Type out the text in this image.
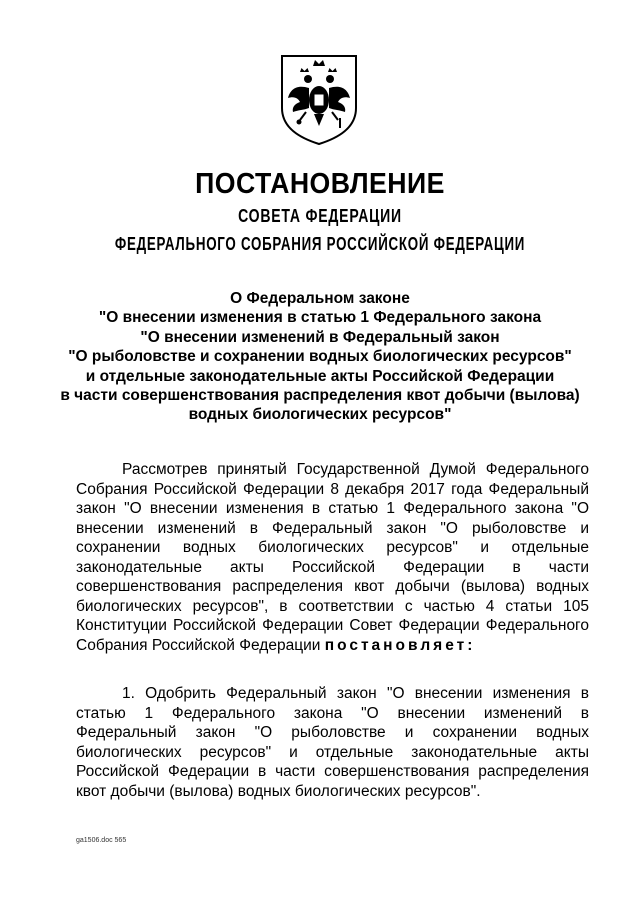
ПОСТАНОВЛЕНИЕ
СОВЕТА ФЕДЕРАЦИИ
ФЕДЕРАЛЬНОГО СОБРАНИЯ РОССИЙСКОЙ ФЕДЕРАЦИИ
О Федеральном законе
"О внесении изменения в статью 1 Федерального закона
"О внесении изменений в Федеральный закон
"О рыболовстве и сохранении водных биологических ресурсов"
и отдельные законодательные акты Российской Федерации
в части совершенствования распределения квот добычи (вылова)
водных биологических ресурсов"
Рассмотрев принятый Государственной Думой Федерального Собрания Российской Федерации 8 декабря 2017 года Федеральный закон "О внесении изменения в статью 1 Федерального закона "О внесении изменений в Федеральный закон "О рыболовстве и сохранении водных биологических ресурсов" и отдельные законодательные акты Российской Федерации в части совершенствования распределения квот добычи (вылова) водных биологических ресурсов", в соответствии с частью 4 статьи 105 Конституции Российской Федерации Совет Федерации Федерального Собрания Российской Федерации постановляет:
1. Одобрить Федеральный закон "О внесении изменения в статью 1 Федерального закона "О внесении изменений в Федеральный закон "О рыболовстве и сохранении водных биологических ресурсов" и отдельные законодательные акты Российской Федерации в части совершенствования распределения квот добычи (вылова) водных биологических ресурсов".
ga1506.doc 565
